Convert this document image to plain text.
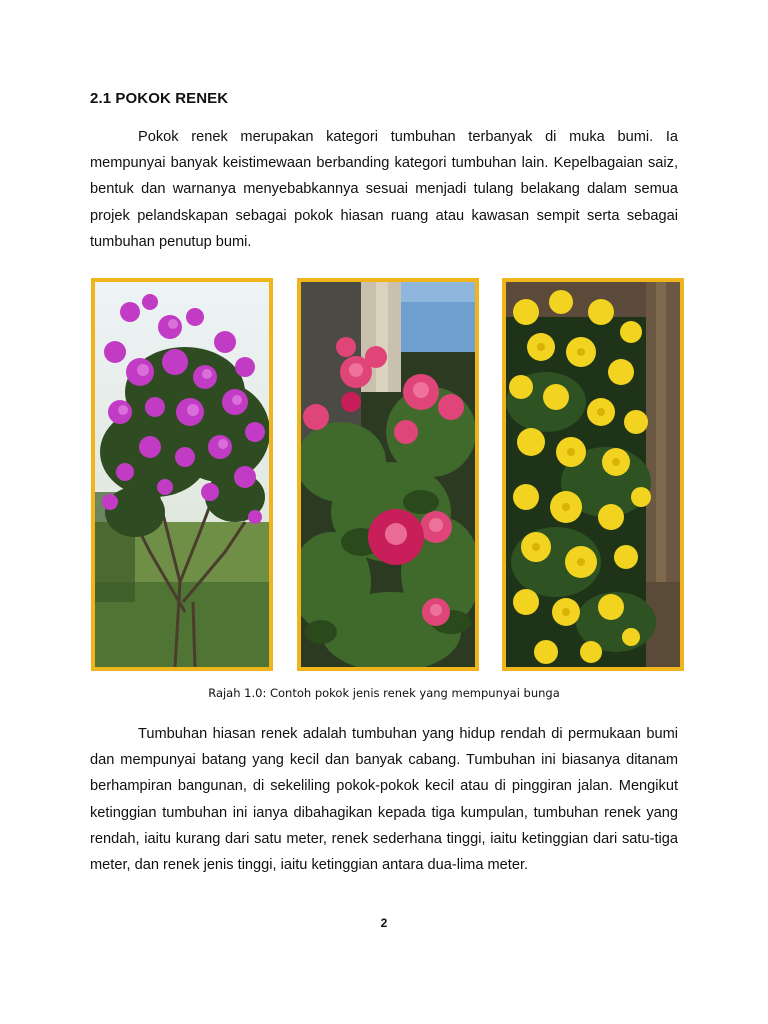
2.1 POKOK RENEK

Pokok renek merupakan kategori tumbuhan terbanyak di muka bumi. Ia mempunyai banyak keistimewaan berbanding kategori tumbuhan lain. Kepelbagaian saiz, bentuk dan warnanya menyebabkannya sesuai menjadi tulang belakang dalam semua projek pelandskapan sebagai pokok hiasan ruang atau kawasan sempit serta sebagai tumbuhan penutup bumi.

Rajah 1.0: Contoh pokok jenis renek yang mempunyai bunga

Tumbuhan hiasan renek adalah tumbuhan yang hidup rendah di permukaan bumi dan mempunyai batang yang kecil dan banyak cabang. Tumbuhan ini biasanya ditanam berhampiran bangunan, di sekeliling pokok-pokok kecil atau di pinggiran jalan. Mengikut ketinggian tumbuhan ini ianya dibahagikan kepada tiga kumpulan, tumbuhan renek yang rendah, iaitu kurang dari satu meter, renek sederhana tinggi, iaitu ketinggian dari satu-tiga meter, dan renek jenis tinggi, iaitu ketinggian antara dua-lima meter.

2
